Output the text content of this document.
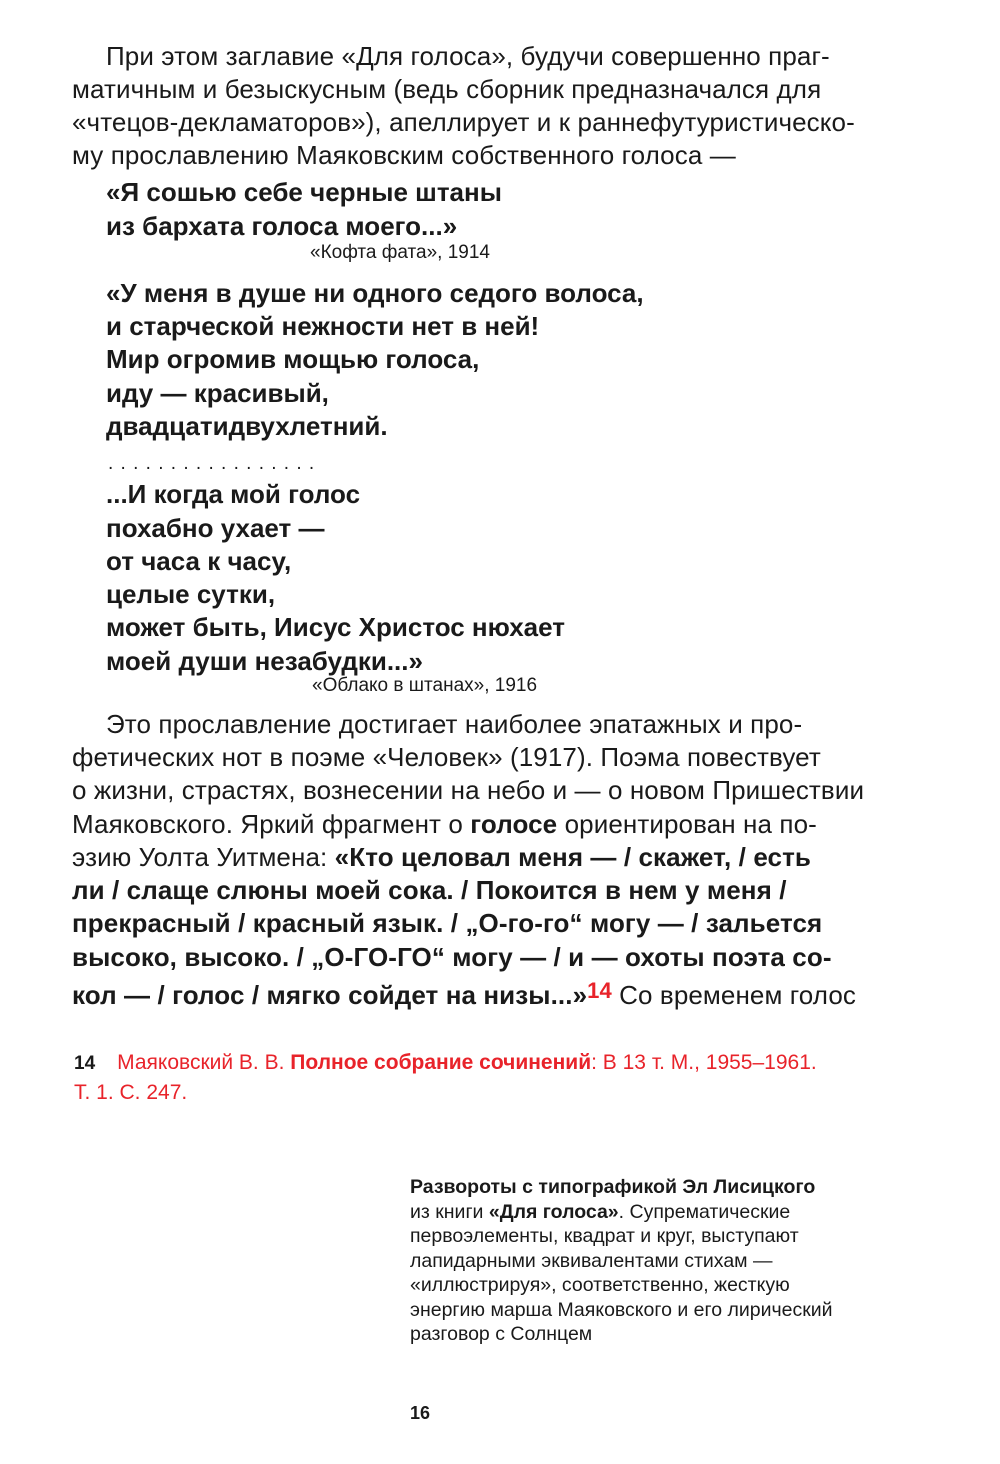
При этом заглавие «Для голоса», будучи совершенно праг-
матичным и безыскусным (ведь сборник предназначался для
«чтецов-декламаторов»), апеллирует и к раннефутуристическо-
му прославлению Маяковским собственного голоса —
«Я сошью себе черные штаны
из бархата голоса моего...»
«Кофта фата», 1914
«У меня в душе ни одного седого волоса,
и старческой нежности нет в ней!
Мир огромив мощью голоса,
иду — красивый,
двадцатидвухлетний.
. . . . . . . . . . . . . . . . .
...И когда мой голос
похабно ухает —
от часа к часу,
целые сутки,
может быть, Иисус Христос нюхает
моей души незабудки...»
«Облако в штанах», 1916
Это прославление достигает наиболее эпатажных и про-
фетических нот в поэме «Человек» (1917). Поэма повествует
о жизни, страстях, вознесении на небо и — о новом Пришествии
Маяковского. Яркий фрагмент о голосе ориентирован на по-
эзию Уолта Уитмена: «Кто целовал меня — / скажет, / есть
ли / слаще слюны моей сока. / Покоится в нем у меня /
прекрасный / красный язык. / „О-го-го“ могу — / зальется
высоко, высоко. / „О-ГО-ГО“ могу — / и — охоты поэта со-
кол — / голос / мягко сойдет на низы...»$^{14}$ Со временем голос
14 Маяковский В. В. Полное собрание сочинений: В 13 т. М., 1955–1961.
Т. 1. С. 247.
Развороты с типографикой Эл Лисицкого
из книги «Для голоса». Супрематические
первоэлементы, квадрат и круг, выступают
лапидарными эквивалентами стихам —
«иллюстрируя», соответственно, жесткую
энергию марша Маяковского и его лирический
разговор с Солнцем
16
